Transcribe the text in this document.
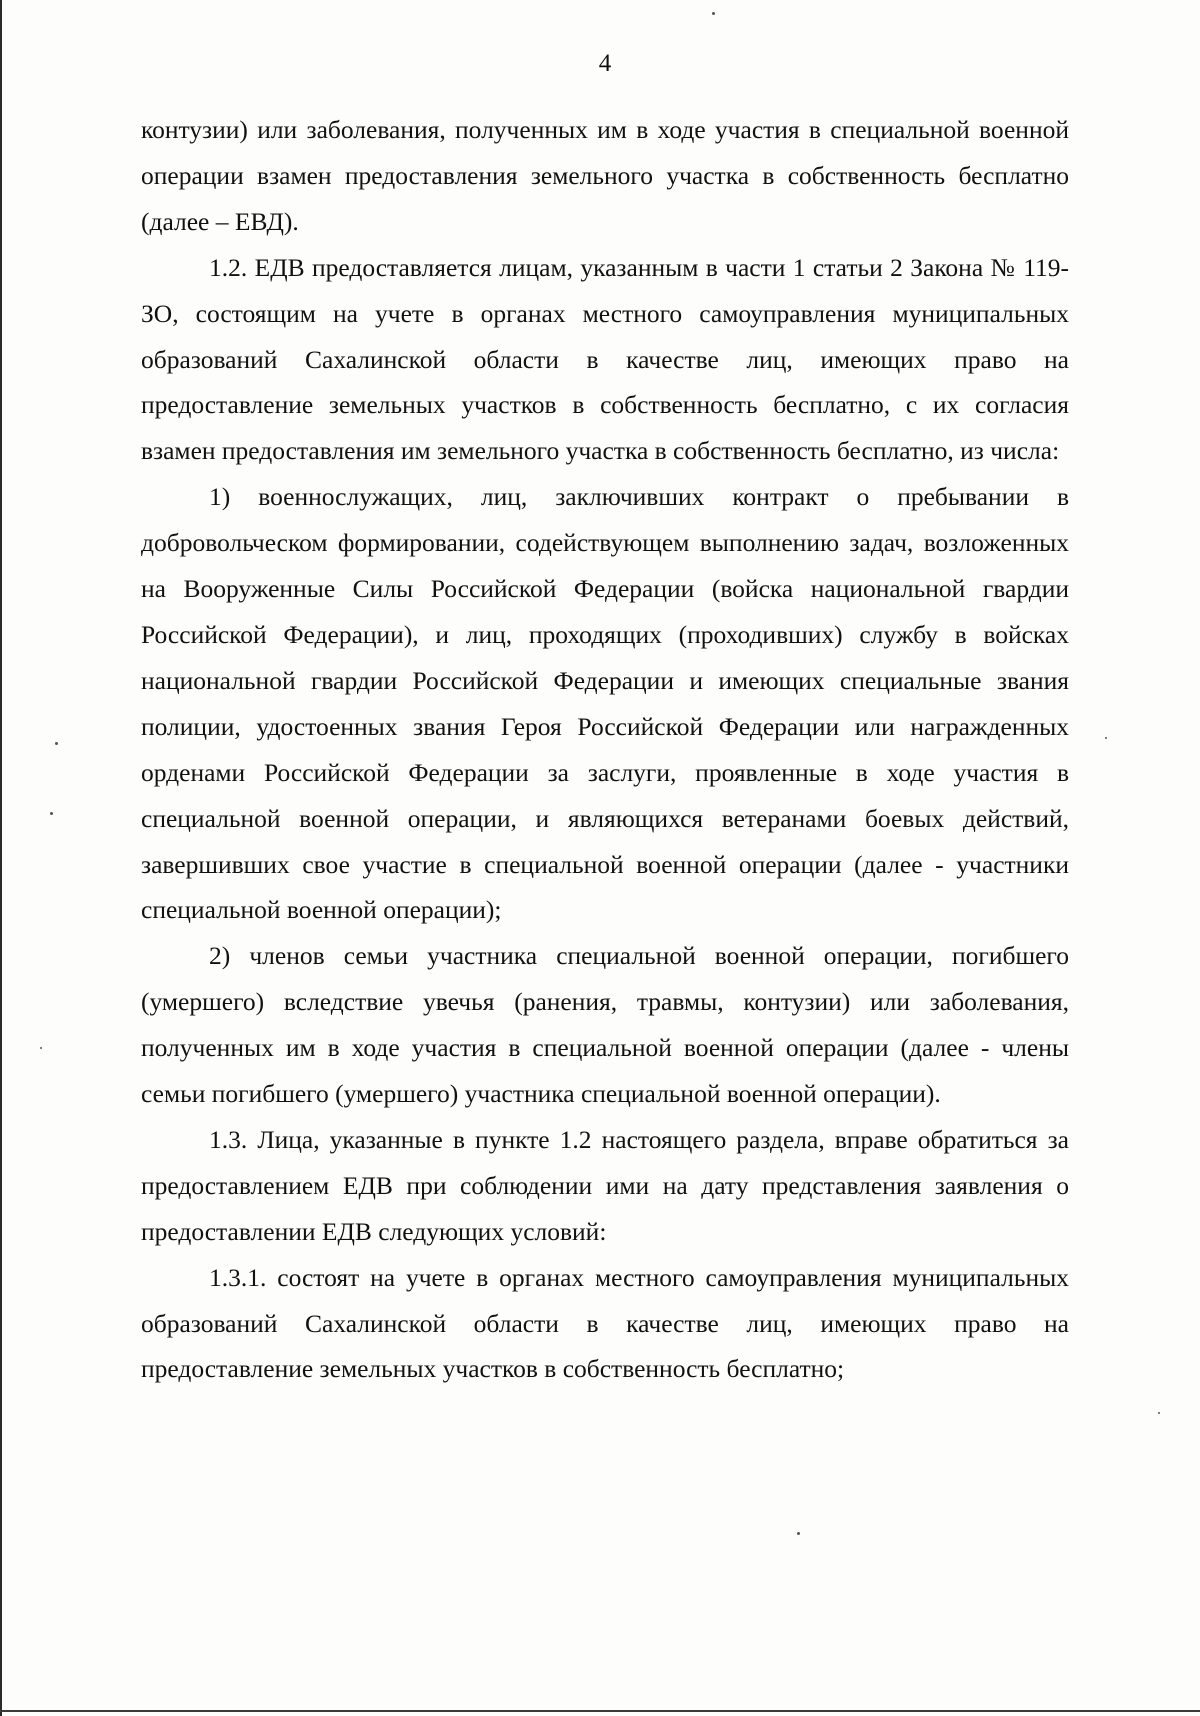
4

контузии) или заболевания, полученных им в ходе участия в специальной военной операции взамен предоставления земельного участка в собственность бесплатно (далее – ЕВД).

1.2. ЕДВ предоставляется лицам, указанным в части 1 статьи 2 Закона № 119-ЗО, состоящим на учете в органах местного самоуправления муниципальных образований Сахалинской области в качестве лиц, имеющих право на предоставление земельных участков в собственность бесплатно, с их согласия взамен предоставления им земельного участка в собственность бесплатно, из числа:

1) военнослужащих, лиц, заключивших контракт о пребывании в добровольческом формировании, содействующем выполнению задач, возложенных на Вооруженные Силы Российской Федерации (войска национальной гвардии Российской Федерации), и лиц, проходящих (проходивших) службу в войсках национальной гвардии Российской Федерации и имеющих специальные звания полиции, удостоенных звания Героя Российской Федерации или награжденных орденами Российской Федерации за заслуги, проявленные в ходе участия в специальной военной операции, и являющихся ветеранами боевых действий, завершивших свое участие в специальной военной операции (далее - участники специальной военной операции);

2) членов семьи участника специальной военной операции, погибшего (умершего) вследствие увечья (ранения, травмы, контузии) или заболевания, полученных им в ходе участия в специальной военной операции (далее - члены семьи погибшего (умершего) участника специальной военной операции).

1.3. Лица, указанные в пункте 1.2 настоящего раздела, вправе обратиться за предоставлением ЕДВ при соблюдении ими на дату представления заявления о предоставлении ЕДВ следующих условий:

1.3.1. состоят на учете в органах местного самоуправления муниципальных образований Сахалинской области в качестве лиц, имеющих право на предоставление земельных участков в собственность бесплатно;
